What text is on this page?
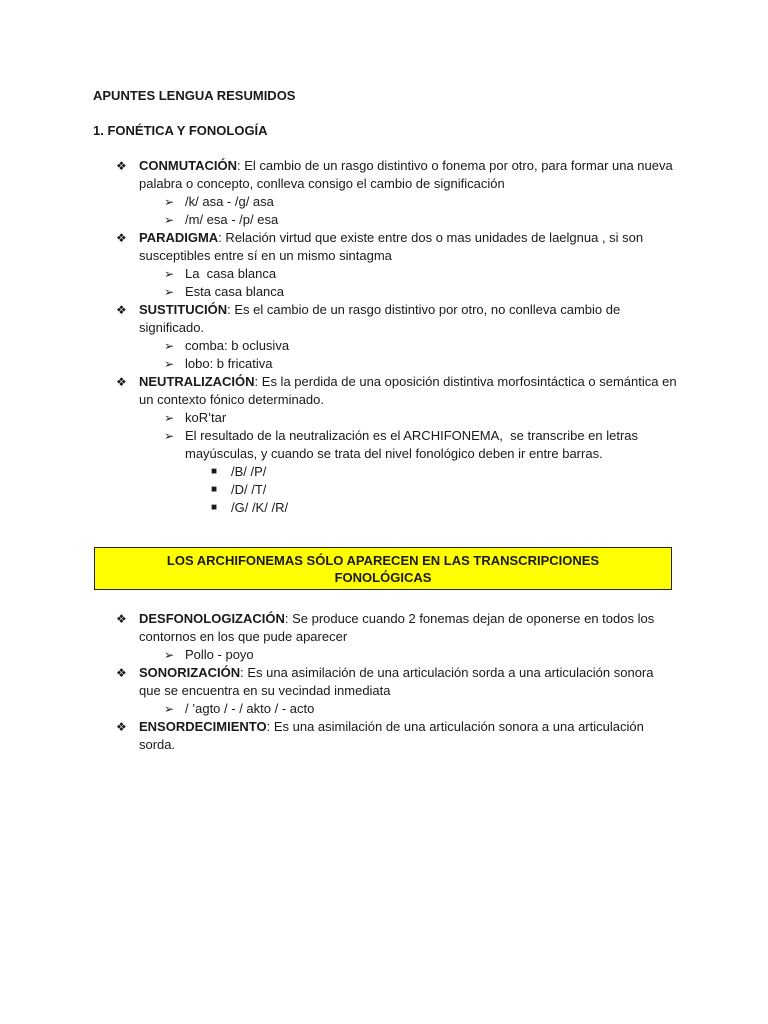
APUNTES LENGUA RESUMIDOS
1. FONÉTICA Y FONOLOGÍA
❖ CONMUTACIÓN: El cambio de un rasgo distintivo o fonema por otro, para formar una nueva palabra o concepto, conlleva consigo el cambio de significación
➢ /k/ asa - /g/ asa
➢ /m/ esa - /p/ esa
❖ PARADIGMA: Relación virtud que existe entre dos o mas unidades de laelgnua , si son susceptibles entre sí en un mismo sintagma
➢ La  casa blanca
➢ Esta casa blanca
❖ SUSTITUCIÓN: Es el cambio de un rasgo distintivo por otro, no conlleva cambio de significado.
➢ comba: b oclusiva
➢ lobo: b fricativa
❖ NEUTRALIZACIÓN: Es la perdida de una oposición distintiva morfosintáctica o semántica en un contexto fónico determinado.
➢ koR’tar
➢ El resultado de la neutralización es el ARCHIFONEMA,  se transcribe en letras mayúsculas, y cuando se trata del nivel fonológico deben ir entre barras.
■ /B/ /P/
■ /D/ /T/
■ /G/ /K/ /R/
LOS ARCHIFONEMAS SÓLO APARECEN EN LAS TRANSCRIPCIONES FONOLÓGICAS
❖ DESFONOLOGIZACIÓN: Se produce cuando 2 fonemas dejan de oponerse en todos los contornos en los que pude aparecer
➢ Pollo - poyo
❖ SONORIZACIÓN: Es una asimilación de una articulación sorda a una articulación sonora que se encuentra en su vecindad inmediata
➢ / ’agto / - / akto / - acto
❖ ENSORDECIMIENTO: Es una asimilación de una articulación sonora a una articulación sorda.
